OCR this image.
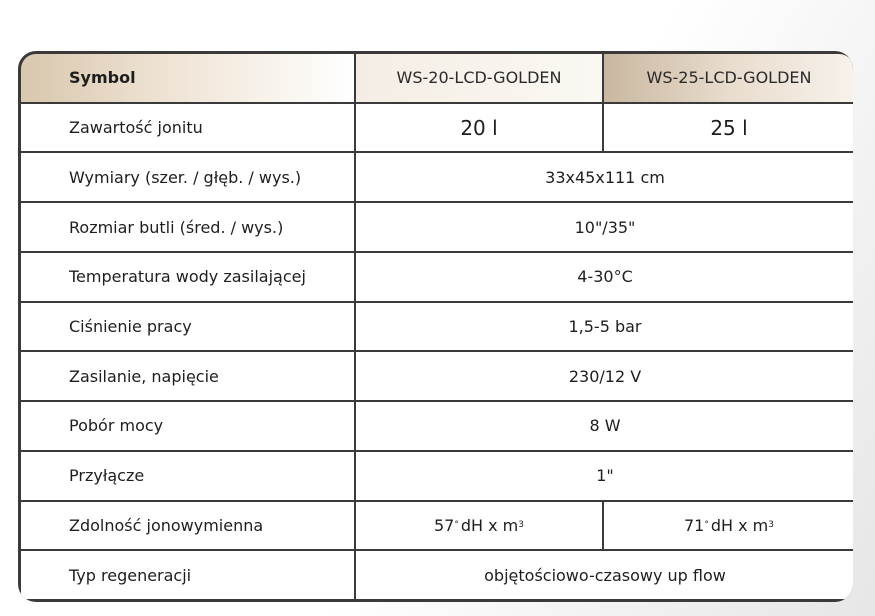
Symbol	WS-20-LCD-GOLDEN	WS-25-LCD-GOLDEN
Zawartość jonitu	20 l	25 l
Wymiary (szer. / głęb. / wys.)	33x45x111 cm
Rozmiar butli (śred. / wys.)	10"/35"
Temperatura wody zasilającej	4-30°C
Ciśnienie pracy	1,5-5 bar
Zasilanie, napięcie	230/12 V
Pobór mocy	8 W
Przyłącze	1"
Zdolność jonowymienna	57 ° dH x m 3	71 ° dH x m 3
Typ regeneracji	objętościowo-czasowy up flow
